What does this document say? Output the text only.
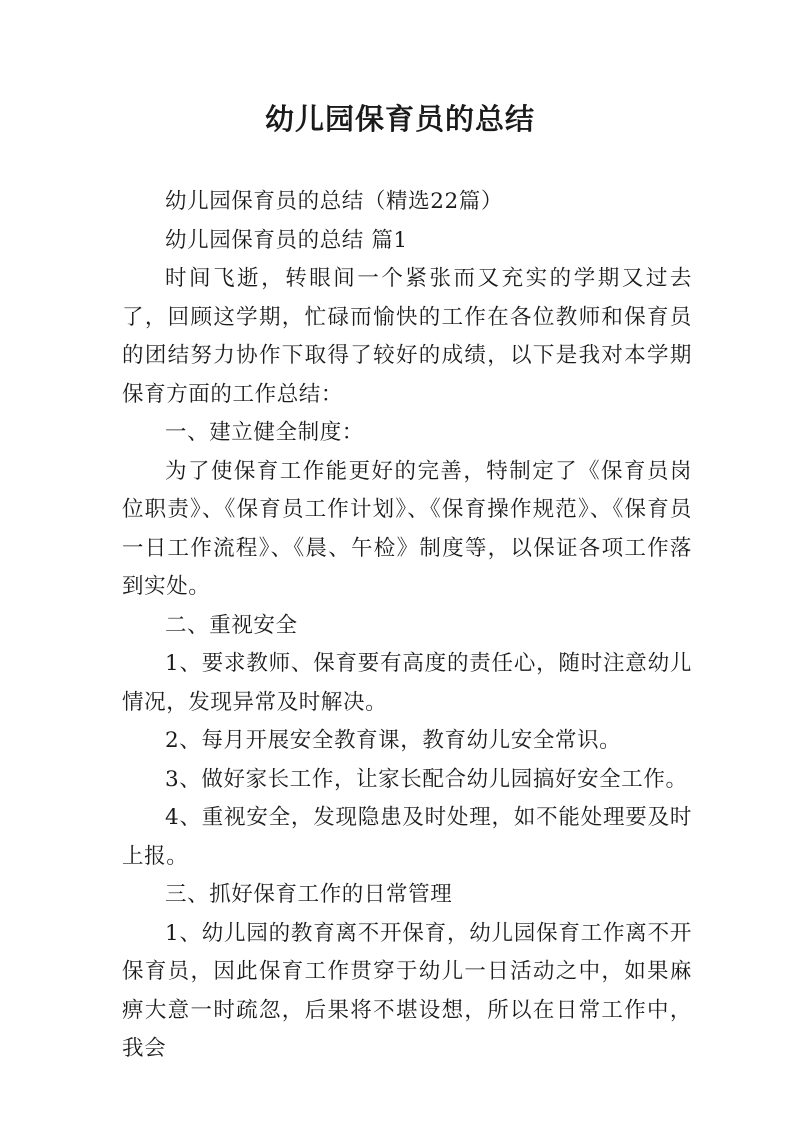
幼儿园保育员的总结

幼儿园保育员的总结（精选22篇）

幼儿园保育员的总结 篇1

时间飞逝，转眼间一个紧张而又充实的学期又过去了，回顾这学期，忙碌而愉快的工作在各位教师和保育员的团结努力协作下取得了较好的成绩，以下是我对本学期保育方面的工作总结：

一、建立健全制度：

为了使保育工作能更好的完善，特制定了《保育员岗位职责》、《保育员工作计划》、《保育操作规范》、《保育员一日工作流程》、《晨、午检》制度等，以保证各项工作落到实处。

二、重视安全

1、要求教师、保育要有高度的责任心，随时注意幼儿情况，发现异常及时解决。

2、每月开展安全教育课，教育幼儿安全常识。

3、做好家长工作，让家长配合幼儿园搞好安全工作。

4、重视安全，发现隐患及时处理，如不能处理要及时上报。

三、抓好保育工作的日常管理

1、幼儿园的教育离不开保育，幼儿园保育工作离不开保育员，因此保育工作贯穿于幼儿一日活动之中，如果麻痹大意一时疏忽，后果将不堪设想，所以在日常工作中，我会
